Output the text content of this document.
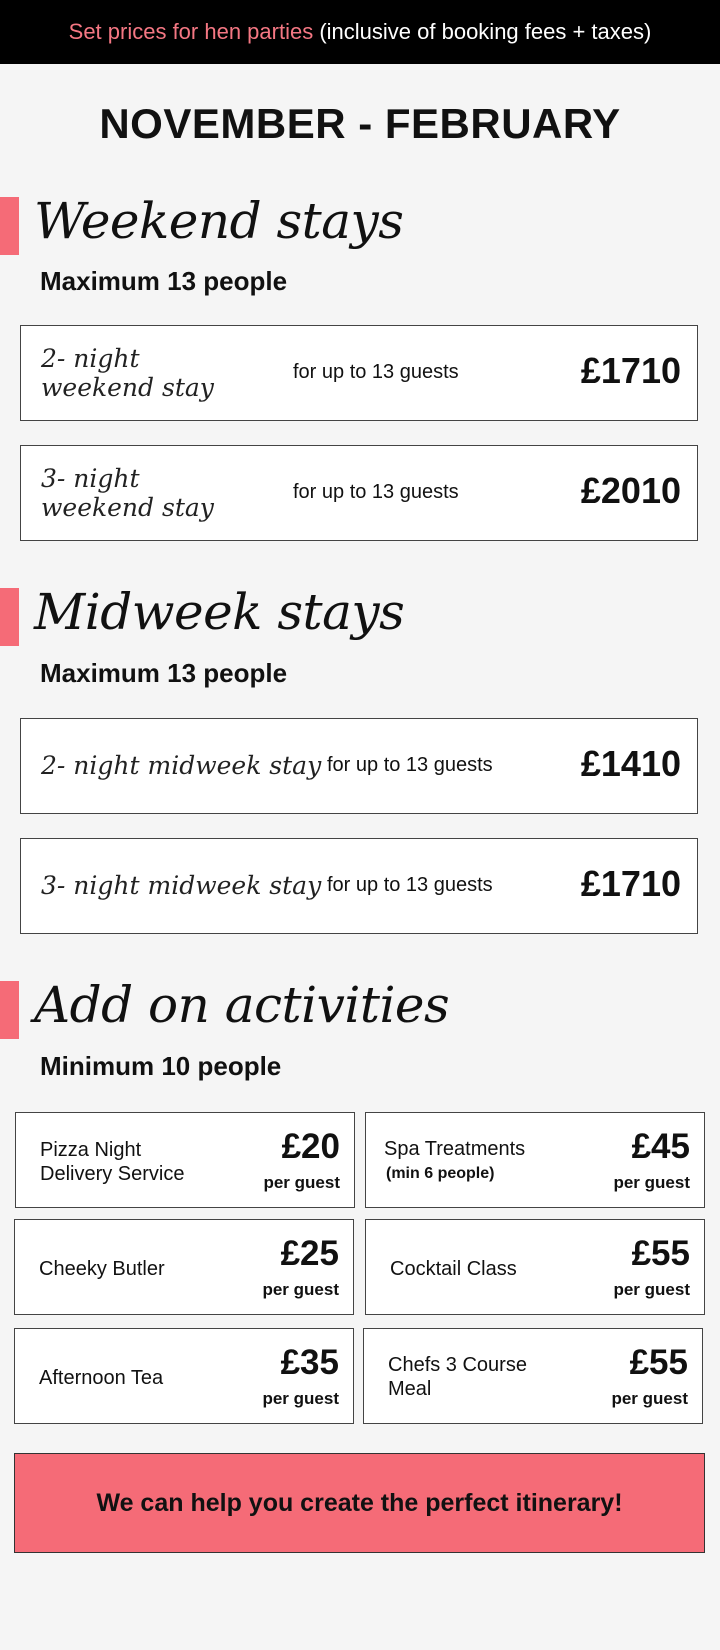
Set prices for hen parties (inclusive of booking fees + taxes)
NOVEMBER - FEBRUARY
Weekend stays
Maximum 13 people
2- night weekend stay
for up to 13 guests	£1710
3- night weekend stay
for up to 13 guests	£2010
Midweek stays
Maximum 13 people
2- night midweek stay for up to 13 guests £1410
3- night midweek stay for up to 13 guests £1710
Add on activities
Minimum 10 people
Pizza Night
Delivery Service
£20
per guest
Spa Treatments
(min 6 people)
£45
per guest
Cheeky Butler	£25
per guest
Cocktail Class	£55
per guest
Afternoon Tea	£35
per guest
Chefs 3 Course
Meal
£55
per guest
We can help you create the perfect itinerary!
